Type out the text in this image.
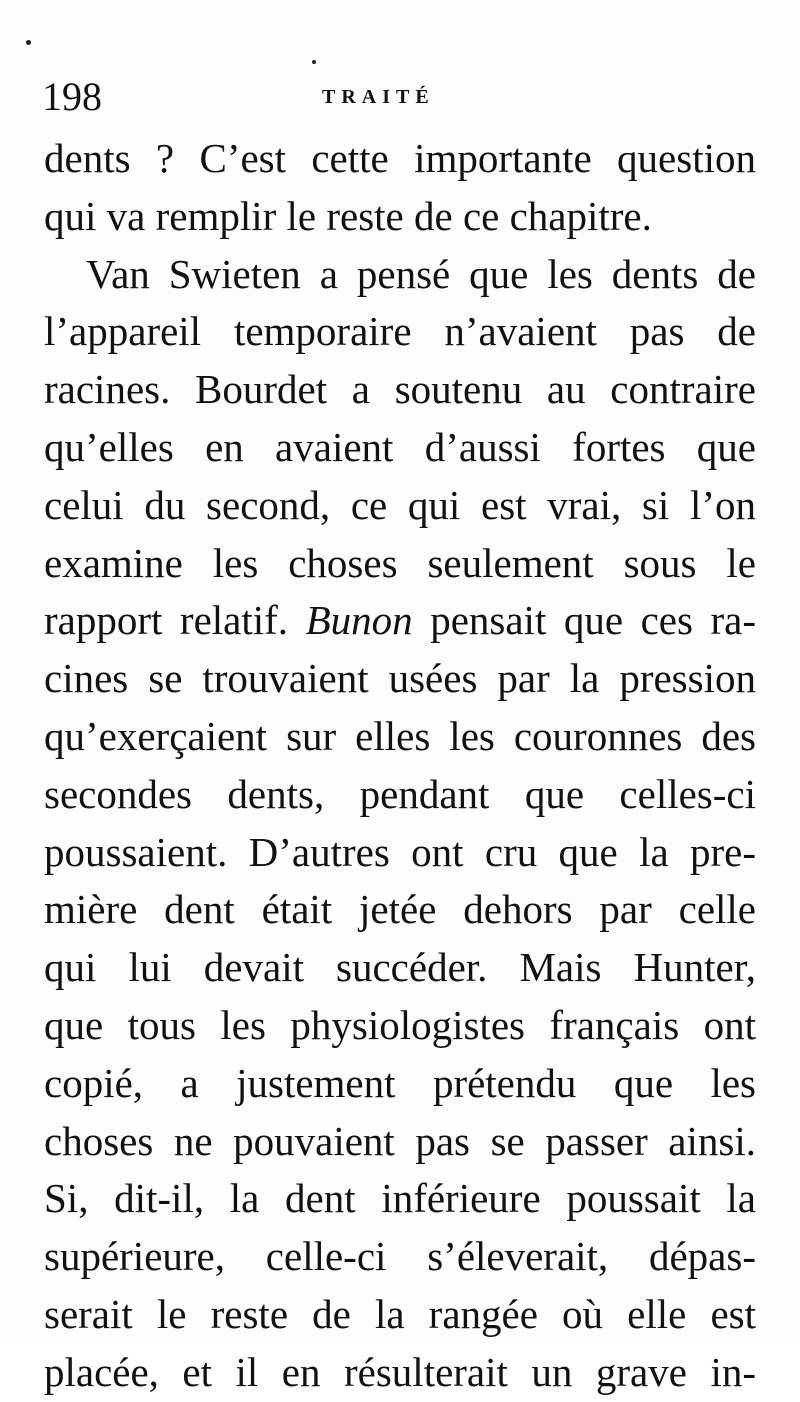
198	TRAITÉ
dents ? C’est cette importante question
qui va remplir le reste de ce chapitre.
Van Swieten a pensé que les dents de
l’appareil temporaire n’avaient pas de
racines. Bourdet a soutenu au contraire
qu’elles en avaient d’aussi fortes que
celui du second, ce qui est vrai, si l’on
examine les choses seulement sous le
rapport relatif. Bunon pensait que ces ra-
cines se trouvaient usées par la pression
qu’exerçaient sur elles les couronnes des
secondes dents, pendant que celles-ci
poussaient. D’autres ont cru que la pre-
mière dent était jetée dehors par celle
qui lui devait succéder. Mais Hunter,
que tous les physiologistes français ont
copié, a justement prétendu que les
choses ne pouvaient pas se passer ainsi.
Si, dit-il, la dent inférieure poussait la
supérieure, celle-ci s’éleverait, dépas-
serait le reste de la rangée où elle est
placée, et il en résulterait un grave in-
